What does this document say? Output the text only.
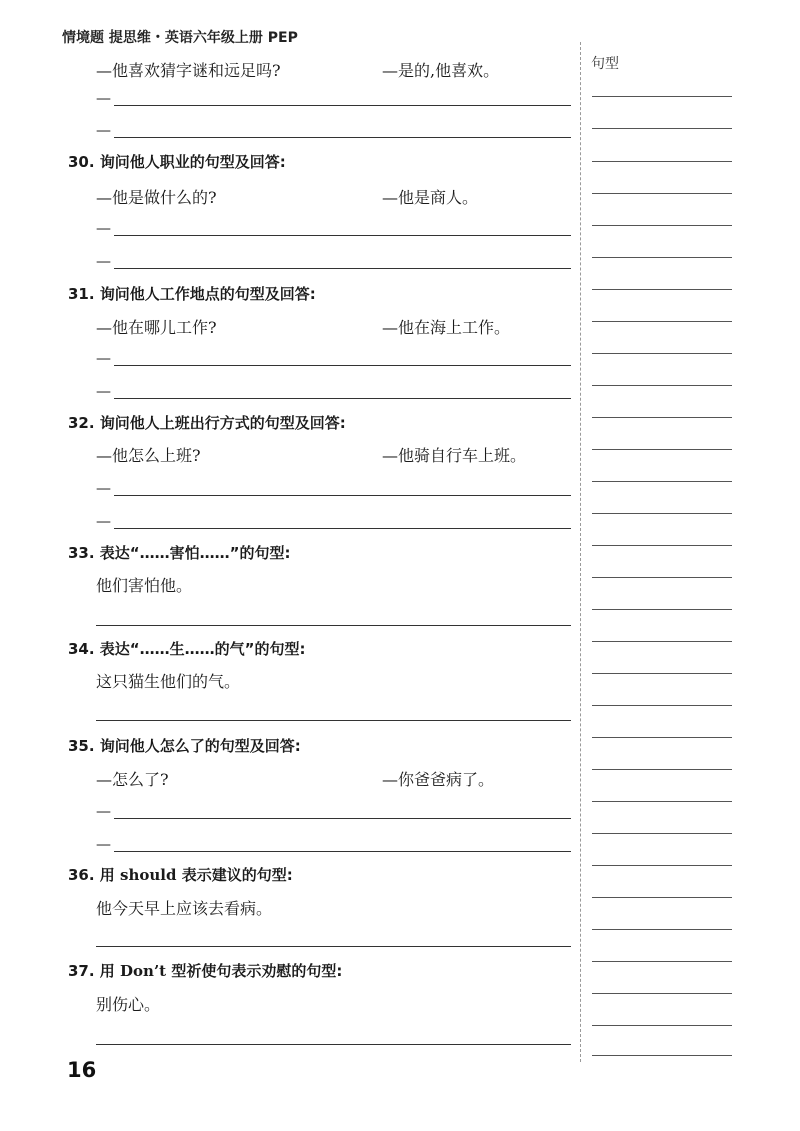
情境题 提思维・英语六年级上册 PEP
句型
—他喜欢猜字谜和远足吗?	—是的,他喜欢。
—
—
30. 询问他人职业的句型及回答:
—他是做什么的?	—他是商人。
—
—
31. 询问他人工作地点的句型及回答:
—他在哪儿工作?	—他在海上工作。
—
—
32. 询问他人上班出行方式的句型及回答:
—他怎么上班?	—他骑自行车上班。
—
—
33. 表达“……害怕……”的句型:
他们害怕他。
34. 表达“……生……的气”的句型:
这只猫生他们的气。
35. 询问他人怎么了的句型及回答:
—怎么了?	—你爸爸病了。
—
—
36. 用 should 表示建议的句型:
他今天早上应该去看病。
37. 用 Don’t 型祈使句表示劝慰的句型:
别伤心。
16
